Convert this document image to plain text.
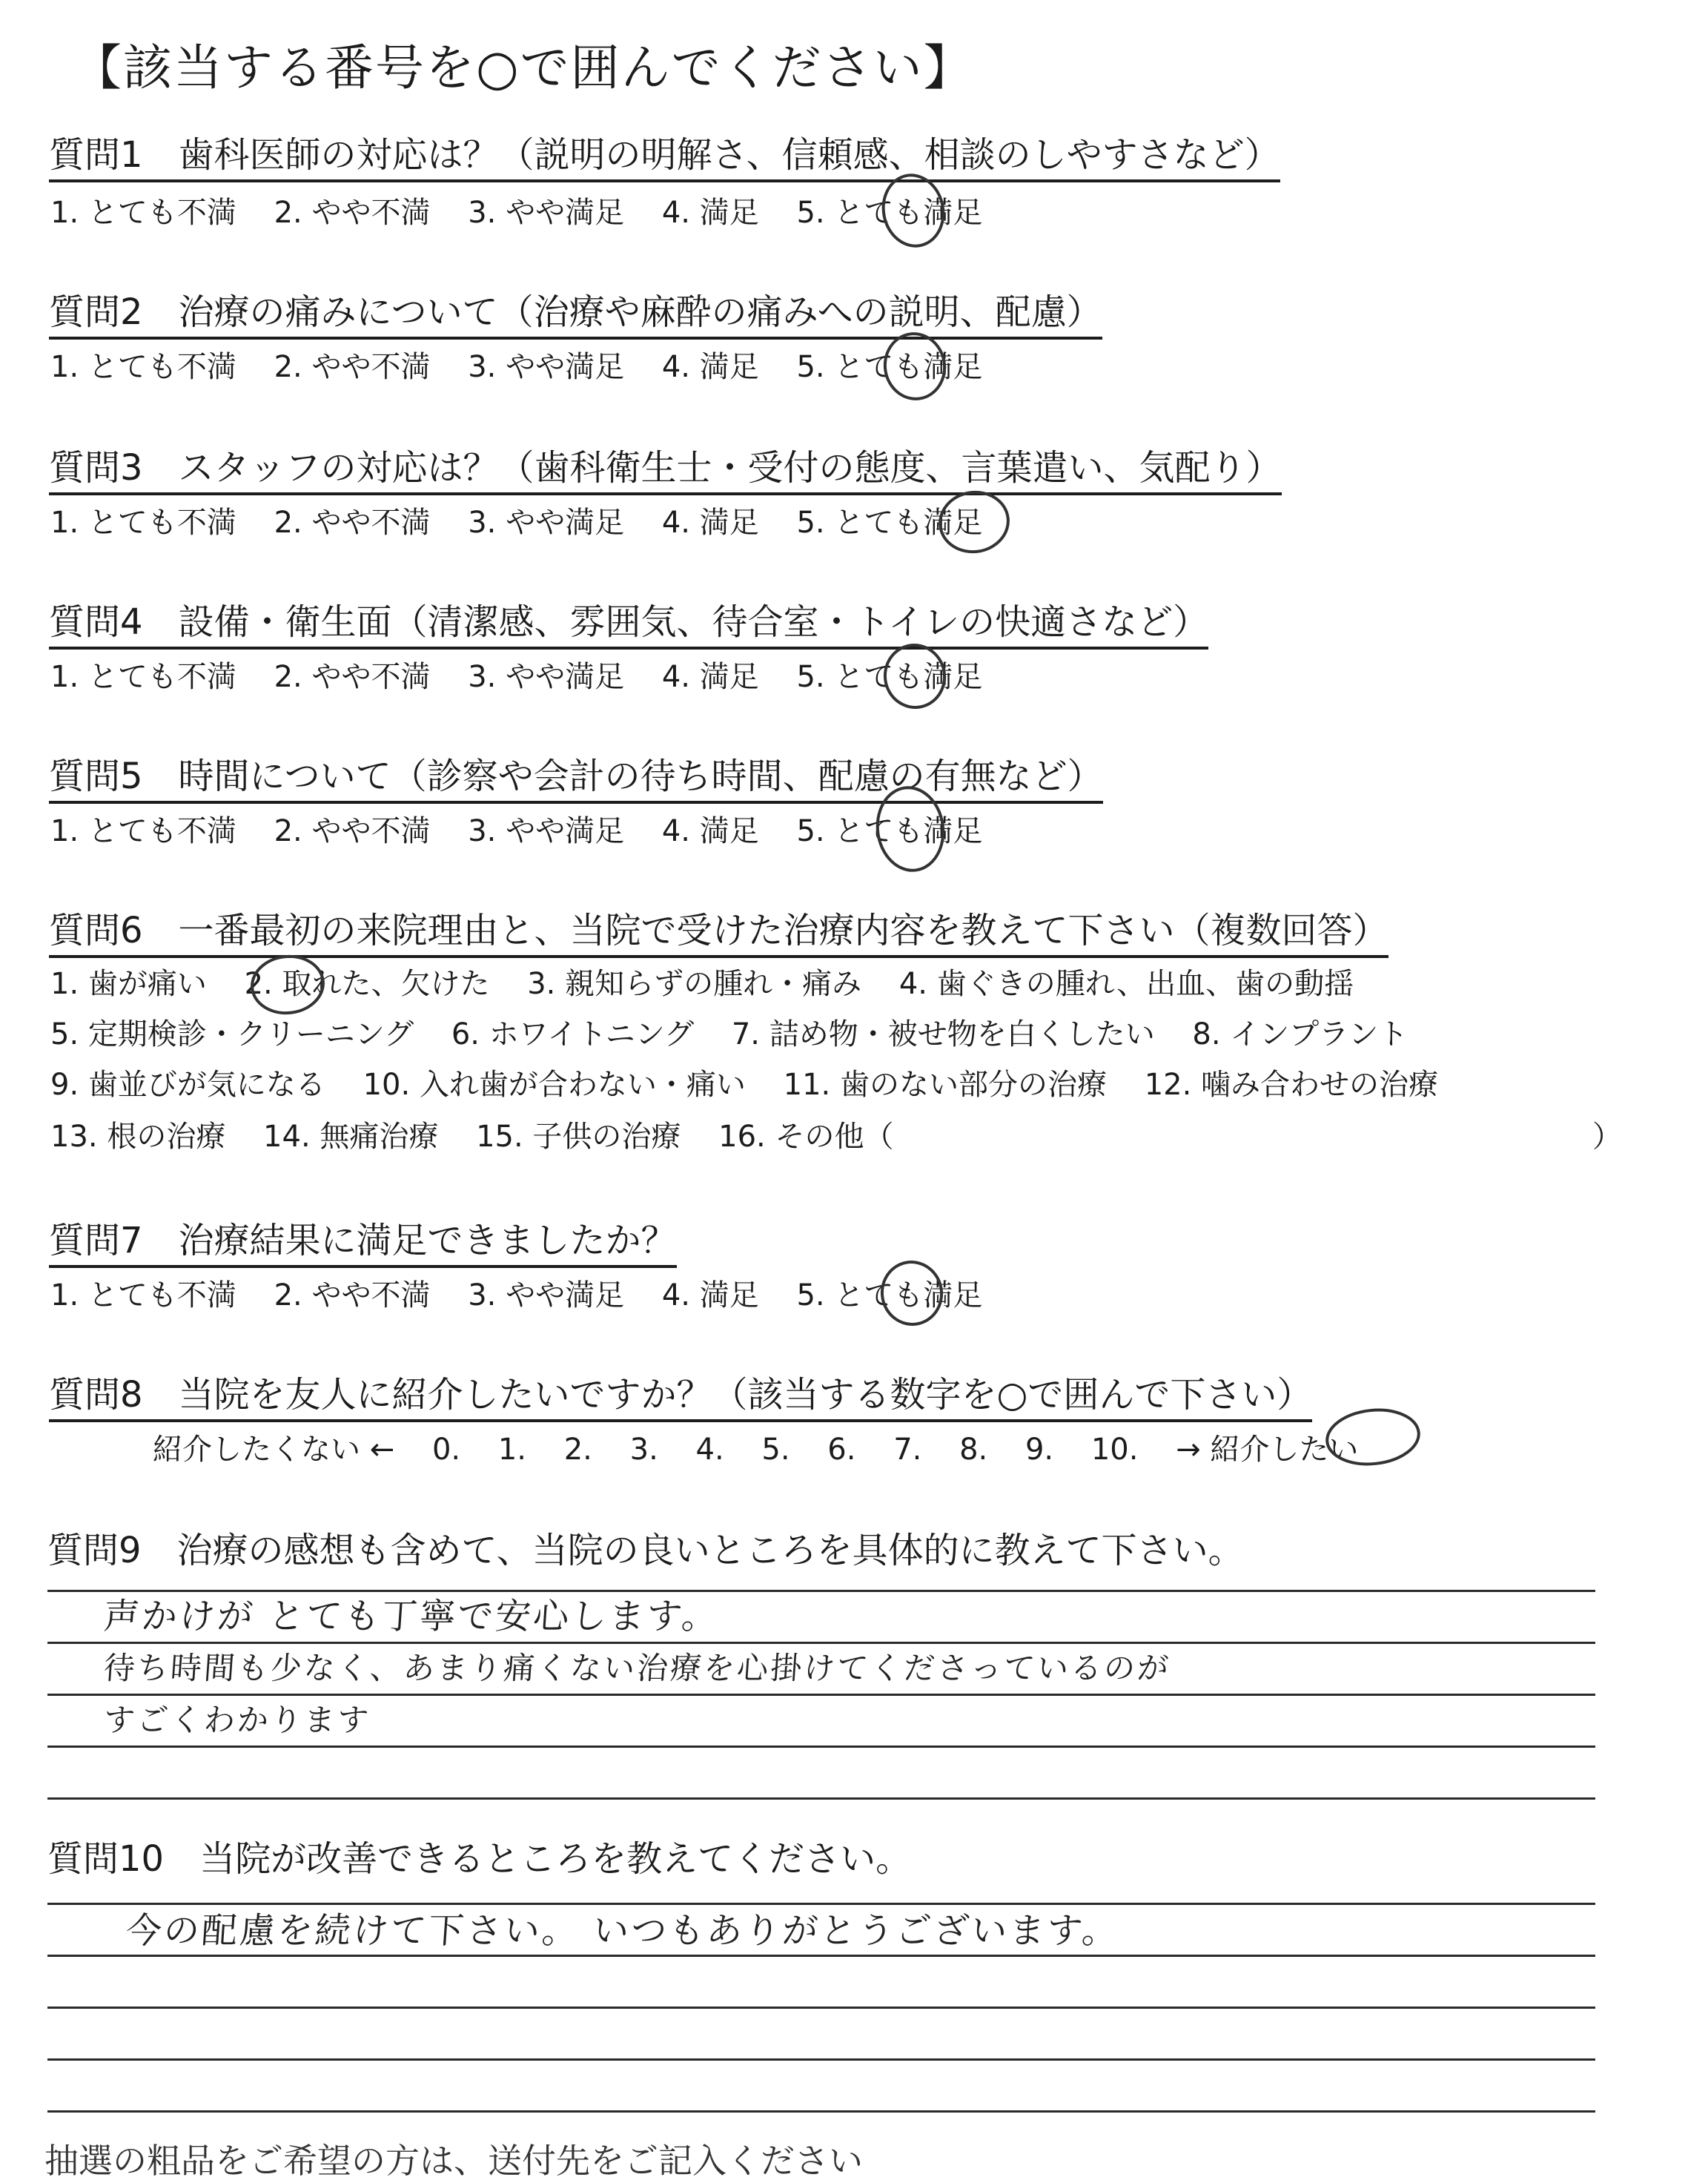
【該当する番号を○で囲んでください】
質問1　歯科医師の対応は？（説明の明解さ、信頼感、相談のしやすさなど）
1. とても不満 2. やや不満 3. やや満足 4. 満足 5. とても満足
質問2　治療の痛みについて（治療や麻酔の痛みへの説明、配慮）
1. とても不満 2. やや不満 3. やや満足 4. 満足 5. とても満足
質問3　スタッフの対応は？（歯科衛生士・受付の態度、言葉遣い、気配り）
1. とても不満 2. やや不満 3. やや満足 4. 満足 5. とても満足
質問4　設備・衛生面（清潔感、雰囲気、待合室・トイレの快適さなど）
1. とても不満 2. やや不満 3. やや満足 4. 満足 5. とても満足
質問5　時間について（診察や会計の待ち時間、配慮の有無など）
1. とても不満 2. やや不満 3. やや満足 4. 満足 5. とても満足
質問6　一番最初の来院理由と、当院で受けた治療内容を教えて下さい（複数回答）
1. 歯が痛い 2. 取れた、欠けた 3. 親知らずの腫れ・痛み 4. 歯ぐきの腫れ、出血、歯の動揺
5. 定期検診・クリーニング 6. ホワイトニング 7. 詰め物・被せ物を白くしたい 8. インプラント
9. 歯並びが気になる 10. 入れ歯が合わない・痛い 11. 歯のない部分の治療 12. 噛み合わせの治療
13. 根の治療 14. 無痛治療 15. 子供の治療 16. その他（	）
質問7　治療結果に満足できましたか？
1. とても不満 2. やや不満 3. やや満足 4. 満足 5. とても満足
質問8　当院を友人に紹介したいですか？（該当する数字を○で囲んで下さい）
紹介したくない ← 0. 1. 2. 3. 4. 5. 6. 7. 8. 9. 10. → 紹介したい
質問9　治療の感想も含めて、当院の良いところを具体的に教えて下さい。
声かけが とても丁寧で安心します。
待ち時間も少なく、あまり痛くない治療を心掛けてくださっているのが
すごくわかります
質問10　当院が改善できるところを教えてください。
今の配慮を続けて下さい。 いつもありがとうございます。
抽選の粗品をご希望の方は、送付先をご記入ください
